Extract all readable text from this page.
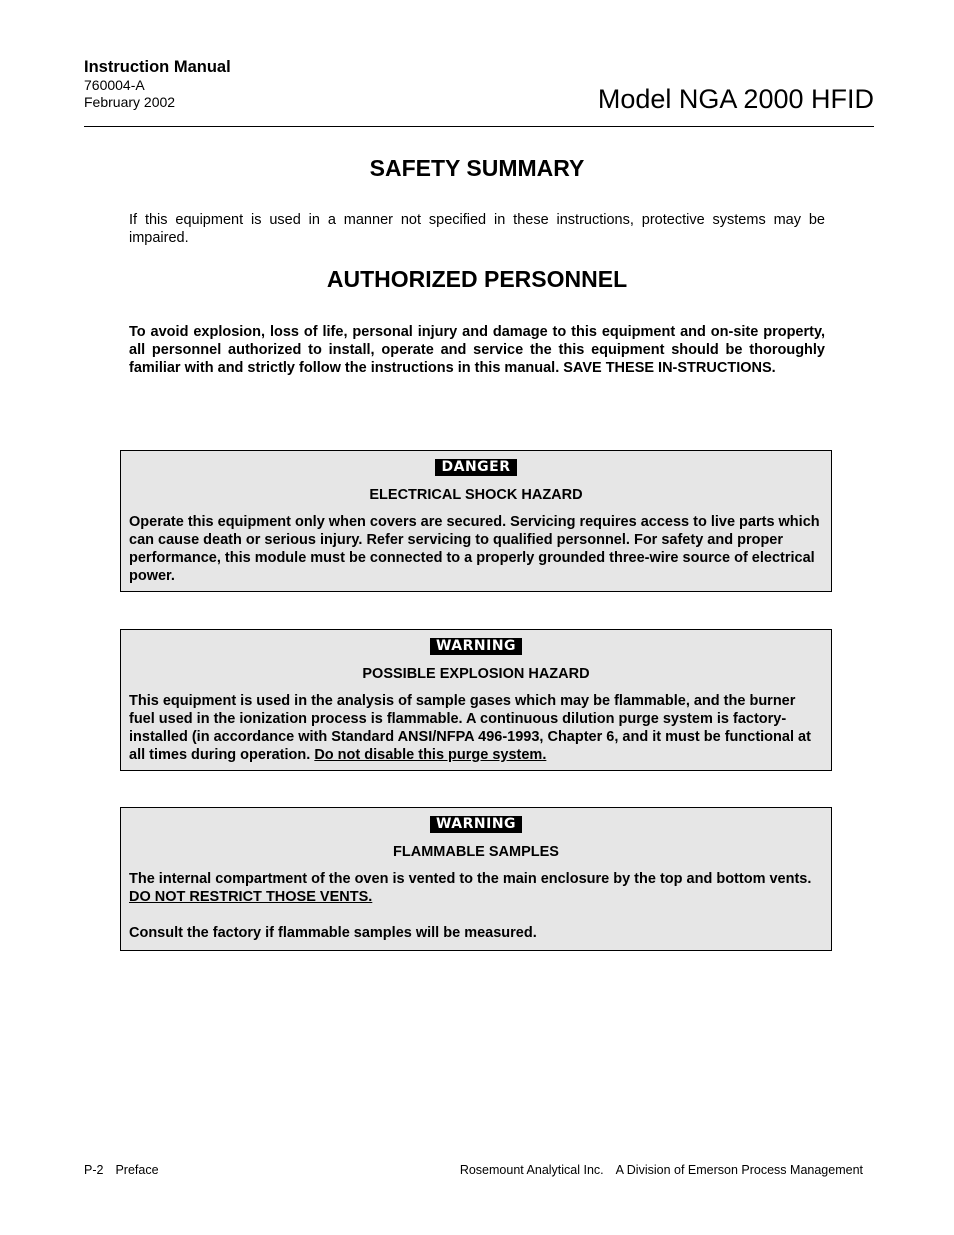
Instruction Manual
760004-A
February 2002	Model NGA 2000 HFID
SAFETY SUMMARY
If this equipment is used in a manner not specified in these instructions, protective systems may be impaired.
AUTHORIZED PERSONNEL
To avoid explosion, loss of life, personal injury and damage to this equipment and on-site property, all personnel authorized to install, operate and service the this equipment should be thoroughly familiar with and strictly follow the instructions in this manual. SAVE THESE IN-STRUCTIONS.
DANGER
ELECTRICAL SHOCK HAZARD
Operate this equipment only when covers are secured. Servicing requires access to live parts which can cause death or serious injury. Refer servicing to qualified personnel. For safety and proper performance, this module must be connected to a properly grounded three-wire source of electrical power.
WARNING
POSSIBLE EXPLOSION HAZARD
This equipment is used in the analysis of sample gases which may be flammable, and the burner fuel used in the ionization process is flammable. A continuous dilution purge system is factory-installed (in accordance with Standard ANSI/NFPA 496-1993, Chapter 6, and it must be functional at all times during operation. Do not disable this purge system.
WARNING
FLAMMABLE SAMPLES
The internal compartment of the oven is vented to the main enclosure by the top and bottom vents. DO NOT RESTRICT THOSE VENTS.
Consult the factory if flammable samples will be measured.
P-2 Preface	Rosemount Analytical Inc. A Division of Emerson Process Management
